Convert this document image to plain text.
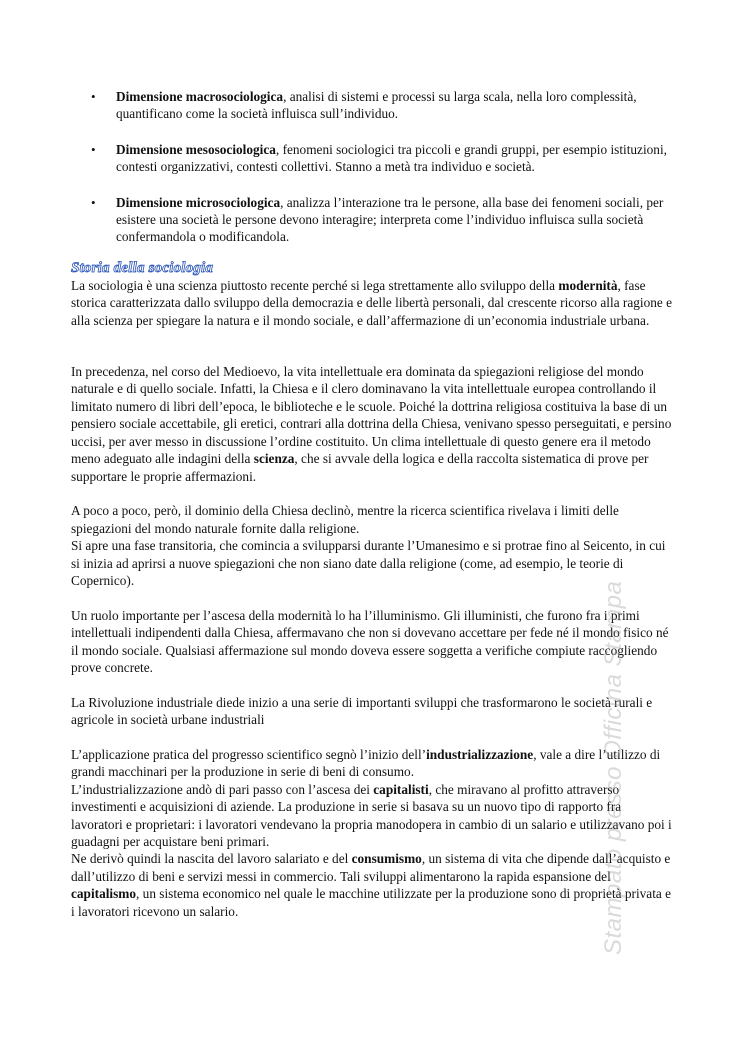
• Dimensione macrosociologica, analisi di sistemi e processi su larga scala, nella loro complessità, quantificano come la società influisca sull’individuo.
• Dimensione mesosociologica, fenomeni sociologici tra piccoli e grandi gruppi, per esempio istituzioni, contesti organizzativi, contesti collettivi. Stanno a metà tra individuo e società.
• Dimensione microsociologica, analizza l’interazione tra le persone, alla base dei fenomeni sociali, per esistere una società le persone devono interagire; interpreta come l’individuo influisca sulla società confermandola o modificandola.
Storia della sociologia

La sociologia è una scienza piuttosto recente perché si lega strettamente allo sviluppo della modernità, fase storica caratterizzata dallo sviluppo della democrazia e delle libertà personali, dal crescente ricorso alla ragione e alla scienza per spiegare la natura e il mondo sociale, e dall’affermazione di un’economia industriale urbana.

In precedenza, nel corso del Medioevo, la vita intellettuale era dominata da spiegazioni religiose del mondo naturale e di quello sociale. Infatti, la Chiesa e il clero dominavano la vita intellettuale europea controllando il limitato numero di libri dell’epoca, le biblioteche e le scuole. Poiché la dottrina religiosa costituiva la base di un pensiero sociale accettabile, gli eretici, contrari alla dottrina della Chiesa, venivano spesso perseguitati, e persino uccisi, per aver messo in discussione l’ordine costituito. Un clima intellettuale di questo genere era il metodo meno adeguato alle indagini della scienza, che si avvale della logica e della raccolta sistematica di prove per supportare le proprie affermazioni.

A poco a poco, però, il dominio della Chiesa declinò, mentre la ricerca scientifica rivelava i limiti delle spiegazioni del mondo naturale fornite dalla religione.

Si apre una fase transitoria, che comincia a svilupparsi durante l’Umanesimo e si protrae fino al Seicento, in cui si inizia ad aprirsi a nuove spiegazioni che non siano date dalla religione (come, ad esempio, le teorie di Copernico).

Un ruolo importante per l’ascesa della modernità lo ha l’illuminismo. Gli illuministi, che furono fra i primi intellettuali indipendenti dalla Chiesa, affermavano che non si dovevano accettare per fede né il mondo fisico né il mondo sociale. Qualsiasi affermazione sul mondo doveva essere soggetta a verifiche compiute raccogliendo prove concrete.

La Rivoluzione industriale diede inizio a una serie di importanti sviluppi che trasformarono le società rurali e agricole in società urbane industriali

L’applicazione pratica del progresso scientifico segnò l’inizio dell’industrializzazione, vale a dire l’utilizzo di grandi macchinari per la produzione in serie di beni di consumo.

L’industrializzazione andò di pari passo con l’ascesa dei capitalisti, che miravano al profitto attraverso investimenti e acquisizioni di aziende. La produzione in serie si basava su un nuovo tipo di rapporto fra lavoratori e proprietari: i lavoratori vendevano la propria manodopera in cambio di un salario e utilizzavano poi i guadagni per acquistare beni primari.

Ne derivò quindi la nascita del lavoro salariato e del consumismo, un sistema di vita che dipende dall’acquisto e dall’utilizzo di beni e servizi messi in commercio. Tali sviluppi alimentarono la rapida espansione del capitalismo, un sistema economico nel quale le macchine utilizzate per la produzione sono di proprietà privata e i lavoratori ricevono un salario.	Stampato presso Officina Stampa
